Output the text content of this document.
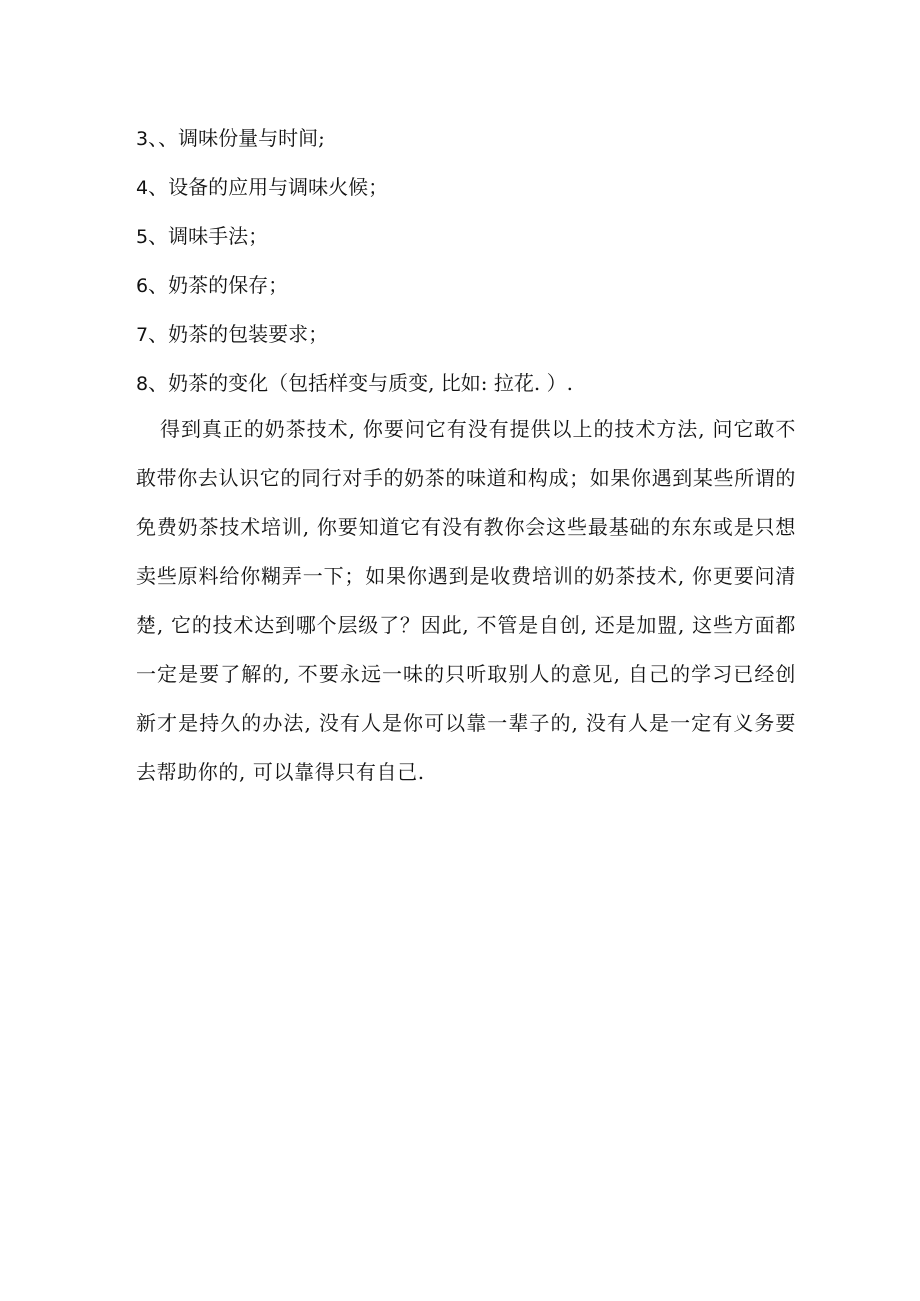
3、、调味份量与时间;
4、设备的应用与调味火候；
5、调味手法；
6、奶茶的保存；
7、奶茶的包装要求；
8、奶茶的变化（包括样变与质变, 比如: 拉花. ）.

得到真正的奶茶技术, 你要问它有没有提供以上的技术方法, 问它敢不敢带你去认识它的同行对手的奶茶的味道和构成；如果你遇到某些所谓的免费奶茶技术培训, 你要知道它有没有教你会这些最基础的东东或是只想卖些原料给你糊弄一下；如果你遇到是收费培训的奶茶技术, 你更要问清楚, 它的技术达到哪个层级了？因此, 不管是自创, 还是加盟, 这些方面都一定是要了解的, 不要永远一味的只听取别人的意见, 自己的学习已经创新才是持久的办法, 没有人是你可以靠一辈子的, 没有人是一定有义务要去帮助你的, 可以靠得只有自己.
